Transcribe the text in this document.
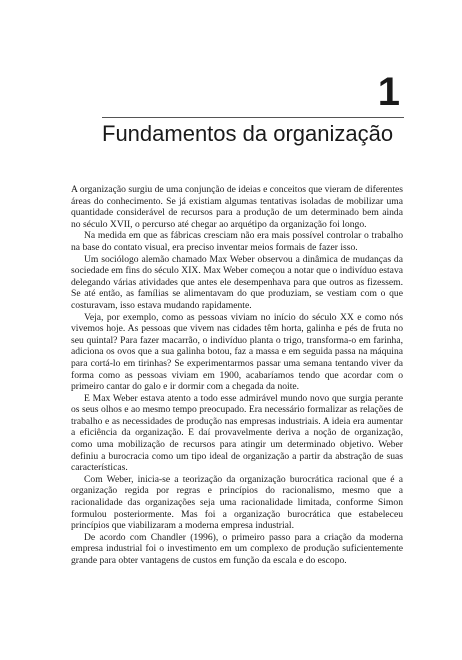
1
Fundamentos da organização

A organização surgiu de uma conjunção de ideias e conceitos que vieram de diferentes áreas do conhecimento. Se já existiam algumas tentativas isoladas de mobilizar uma quantidade considerável de recursos para a produção de um determinado bem ainda no século XVII, o percurso até chegar ao arquétipo da organização foi longo.

Na medida em que as fábricas cresciam não era mais possível controlar o trabalho na base do contato visual, era preciso inventar meios formais de fazer isso.

Um sociólogo alemão chamado Max Weber observou a dinâmica de mudanças da sociedade em fins do século XIX. Max Weber começou a notar que o indivíduo estava delegando várias atividades que antes ele desempenhava para que outros as fizessem. Se até então, as famílias se alimentavam do que produziam, se vestiam com o que costuravam, isso estava mudando rapidamente.

Veja, por exemplo, como as pessoas viviam no início do século XX e como nós vivemos hoje. As pessoas que vivem nas cidades têm horta, galinha e pés de fruta no seu quintal? Para fazer macarrão, o indivíduo planta o trigo, transforma-o em farinha, adiciona os ovos que a sua galinha botou, faz a massa e em seguida passa na máquina para cortá-lo em tirinhas? Se experimentarmos passar uma semana tentando viver da forma como as pessoas viviam em 1900, acabaríamos tendo que acordar com o primeiro cantar do galo e ir dormir com a chegada da noite.

E Max Weber estava atento a todo esse admirável mundo novo que surgia perante os seus olhos e ao mesmo tempo preocupado. Era necessário formalizar as relações de trabalho e as necessidades de produção nas empresas industriais. A ideia era aumentar a eficiência da organização. E daí provavelmente deriva a noção de organização, como uma mobilização de recursos para atingir um determinado objetivo. Weber definiu a burocracia como um tipo ideal de organização a partir da abstração de suas características.

Com Weber, inicia-se a teorização da organização burocrática racional que é a organização regida por regras e princípios do racionalismo, mesmo que a racionalidade das organizações seja uma racionalidade limitada, conforme Simon formulou posteriormente. Mas foi a organização burocrática que estabeleceu princípios que viabilizaram a moderna empresa industrial.

De acordo com Chandler (1996), o primeiro passo para a criação da moderna empresa industrial foi o investimento em um complexo de produção suficientemente grande para obter vantagens de custos em função da escala e do escopo.
